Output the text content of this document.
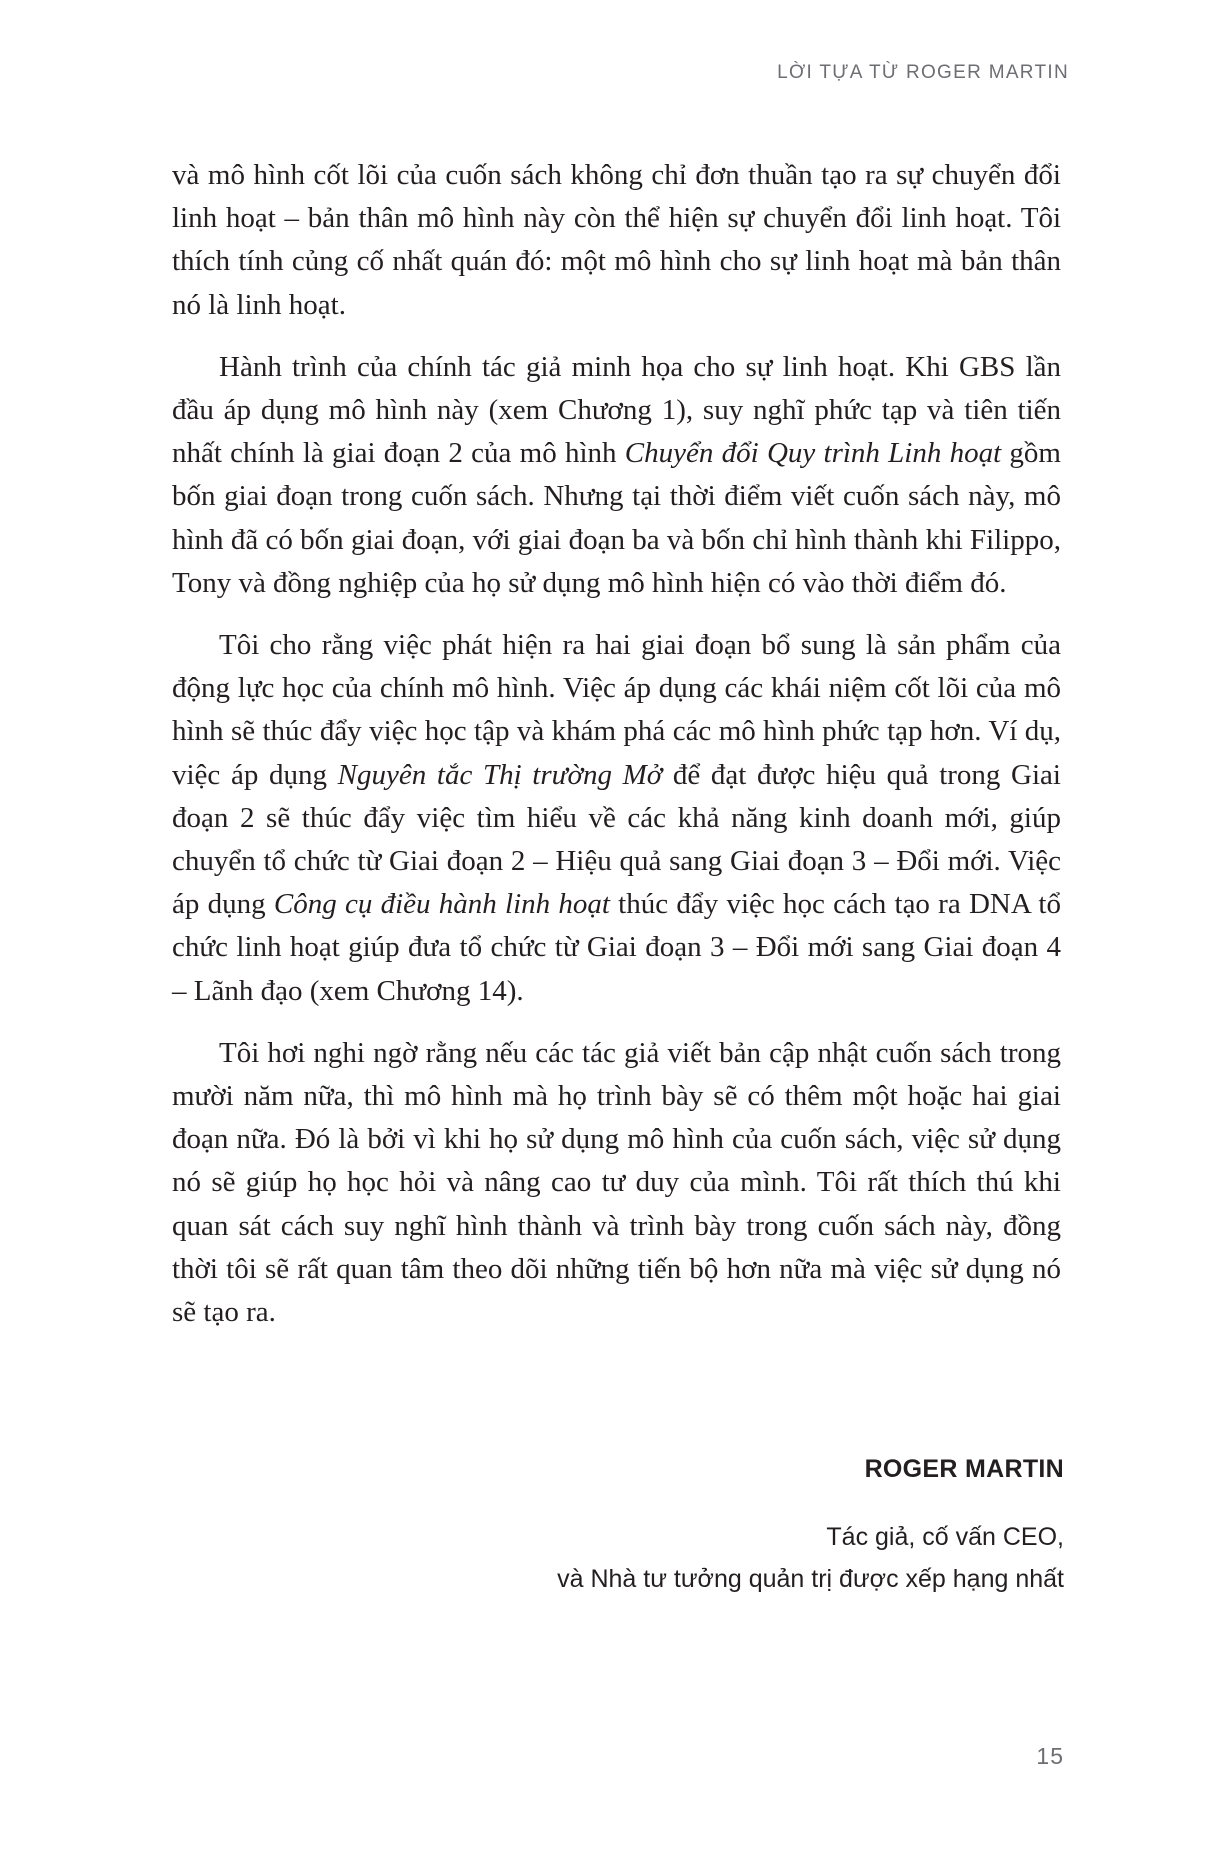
LỜI TỰA TỪ ROGER MARTIN

và mô hình cốt lõi của cuốn sách không chỉ đơn thuần tạo ra sự chuyển đổi linh hoạt – bản thân mô hình này còn thể hiện sự chuyển đổi linh hoạt. Tôi thích tính củng cố nhất quán đó: một mô hình cho sự linh hoạt mà bản thân nó là linh hoạt.

Hành trình của chính tác giả minh họa cho sự linh hoạt. Khi GBS lần đầu áp dụng mô hình này (xem Chương 1), suy nghĩ phức tạp và tiên tiến nhất chính là giai đoạn 2 của mô hình Chuyển đổi Quy trình Linh hoạt gồm bốn giai đoạn trong cuốn sách. Nhưng tại thời điểm viết cuốn sách này, mô hình đã có bốn giai đoạn, với giai đoạn ba và bốn chỉ hình thành khi Filippo, Tony và đồng nghiệp của họ sử dụng mô hình hiện có vào thời điểm đó.

Tôi cho rằng việc phát hiện ra hai giai đoạn bổ sung là sản phẩm của động lực học của chính mô hình. Việc áp dụng các khái niệm cốt lõi của mô hình sẽ thúc đẩy việc học tập và khám phá các mô hình phức tạp hơn. Ví dụ, việc áp dụng Nguyên tắc Thị trường Mở để đạt được hiệu quả trong Giai đoạn 2 sẽ thúc đẩy việc tìm hiểu về các khả năng kinh doanh mới, giúp chuyển tổ chức từ Giai đoạn 2 – Hiệu quả sang Giai đoạn 3 – Đổi mới. Việc áp dụng Công cụ điều hành linh hoạt thúc đẩy việc học cách tạo ra DNA tổ chức linh hoạt giúp đưa tổ chức từ Giai đoạn 3 – Đổi mới sang Giai đoạn 4 – Lãnh đạo (xem Chương 14).

Tôi hơi nghi ngờ rằng nếu các tác giả viết bản cập nhật cuốn sách trong mười năm nữa, thì mô hình mà họ trình bày sẽ có thêm một hoặc hai giai đoạn nữa. Đó là bởi vì khi họ sử dụng mô hình của cuốn sách, việc sử dụng nó sẽ giúp họ học hỏi và nâng cao tư duy của mình. Tôi rất thích thú khi quan sát cách suy nghĩ hình thành và trình bày trong cuốn sách này, đồng thời tôi sẽ rất quan tâm theo dõi những tiến bộ hơn nữa mà việc sử dụng nó sẽ tạo ra.

ROGER MARTIN
Tác giả, cố vấn CEO,
và Nhà tư tưởng quản trị được xếp hạng nhất
15
